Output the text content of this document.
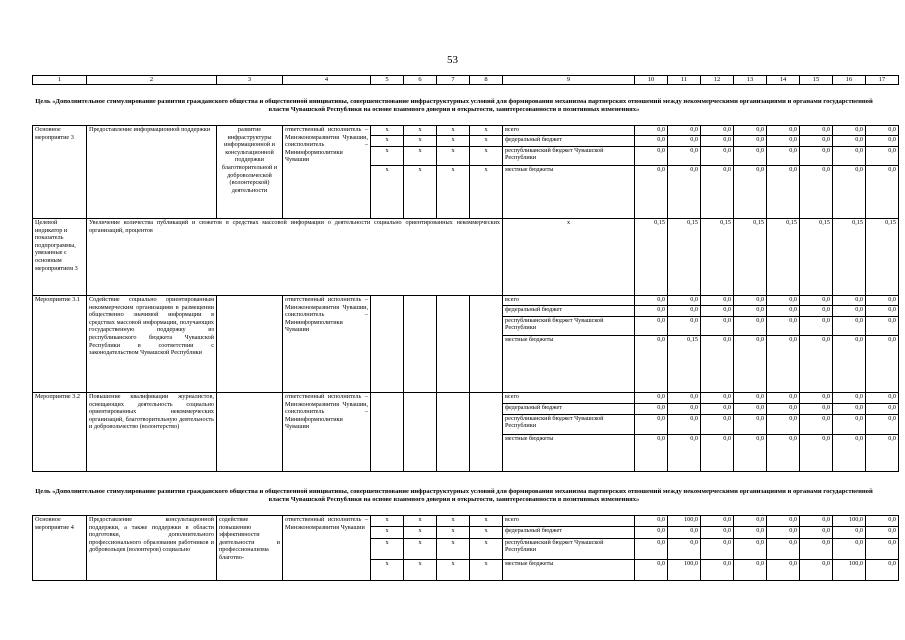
53
1	2	3	4	5	6	7	8	9	10	11	12	13	14	15	16	17
Цель «Дополнительное стимулирование развития гражданского общества и общественной инициативы, совершенствование инфраструктурных условий для формирования механизма партнерских отношений между некоммерческими организациями и органами государственной власти Чувашской Республики на основе взаимного доверия и открытости, заинтересованности в позитивных изменениях»
Основное мероприятие 3	Предоставление информационной поддержки	развитие инфраструктуры информационной и консультационной поддержки благотворительной и добровольческой (волонтерской) деятельности	ответственный исполнитель – Минэкономразвития Чувашии, соисполнитель – Мининформполитики Чувашии	x	x	x	x	всего	0,0	0,0	0,0	0,0	0,0	0,0	0,0	0,0
				x	x	x	x	федеральный бюджет	0,0	0,0	0,0	0,0	0,0	0,0	0,0	0,0
				x	x	x	x	республиканский бюджет Чувашской Республики	0,0	0,0	0,0	0,0	0,0	0,0	0,0	0,0
				x	x	x	x	местные бюджеты	0,0	0,0	0,0	0,0	0,0	0,0	0,0	0,0
Целевой индикатор и показатель подпрограммы, увязанные с основным мероприятием 3	Увеличение количества публикаций и сюжетов в средствах массовой информации о деятельности социально ориентированных некоммерческих организаций, процентов							x	0,15	0,15	0,15	0,15	0,15	0,15	0,15	0,15
Мероприятие 3.1	Содействие социально ориентированным некоммерческим организациям в размещении общественно значимой информации в средствах массовой информации, получающих государственную поддержку из республиканского бюджета Чувашской Республики в соответствии с законодательством Чувашской Республики		ответственный исполнитель – Минэкономразвития Чувашии, соисполнитель – Мининформполитики Чувашии					всего	0,0	0,0	0,0	0,0	0,0	0,0	0,0	0,0
								федеральный бюджет	0,0	0,0	0,0	0,0	0,0	0,0	0,0	0,0
								республиканский бюджет Чувашской Республики	0,0	0,0	0,0	0,0	0,0	0,0	0,0	0,0
								местные бюджеты	0,0	0,15	0,0	0,0	0,0	0,0	0,0	0,0
Мероприятие 3.2	Повышение квалификации журналистов, освещающих деятельность социально ориентированных некоммерческих организаций, благотворительную деятельность и добровольчество (волонтерство)		ответственный исполнитель – Минэкономразвития Чувашии, соисполнитель – Мининформполитики Чувашии					всего	0,0	0,0	0,0	0,0	0,0	0,0	0,0	0,0
								федеральный бюджет	0,0	0,0	0,0	0,0	0,0	0,0	0,0	0,0
								республиканский бюджет Чувашской Республики	0,0	0,0	0,0	0,0	0,0	0,0	0,0	0,0
								местные бюджеты	0,0	0,0	0,0	0,0	0,0	0,0	0,0	0,0
Цель «Дополнительное стимулирование развития гражданского общества и общественной инициативы, совершенствование инфраструктурных условий для формирования механизма партнерских отношений между некоммерческими организациями и органами государственной власти Чувашской Республики на основе взаимного доверия и открытости, заинтересованности в позитивных изменениях»
Основное мероприятие 4	Предоставление консультационной поддержки, а также поддержки в области подготовки, дополнительного профессионального образования работников и добровольцев (волонтеров) социально	содействие повышению эффективности деятельности и профессионализма благотво-	ответственный исполнитель – Минэкономразвития Чувашии	x	x	x	x	всего	0,0	100,0	0,0	0,0	0,0	0,0	100,0	0,0
				x	x	x	x	федеральный бюджет	0,0	0,0	0,0	0,0	0,0	0,0	0,0	0,0
				x	x	x	x	республиканский бюджет Чувашской Республики	0,0	0,0	0,0	0,0	0,0	0,0	0,0	0,0
				x	x	x	x	местные бюджеты	0,0	100,0	0,0	0,0	0,0	0,0	100,0	0,0
